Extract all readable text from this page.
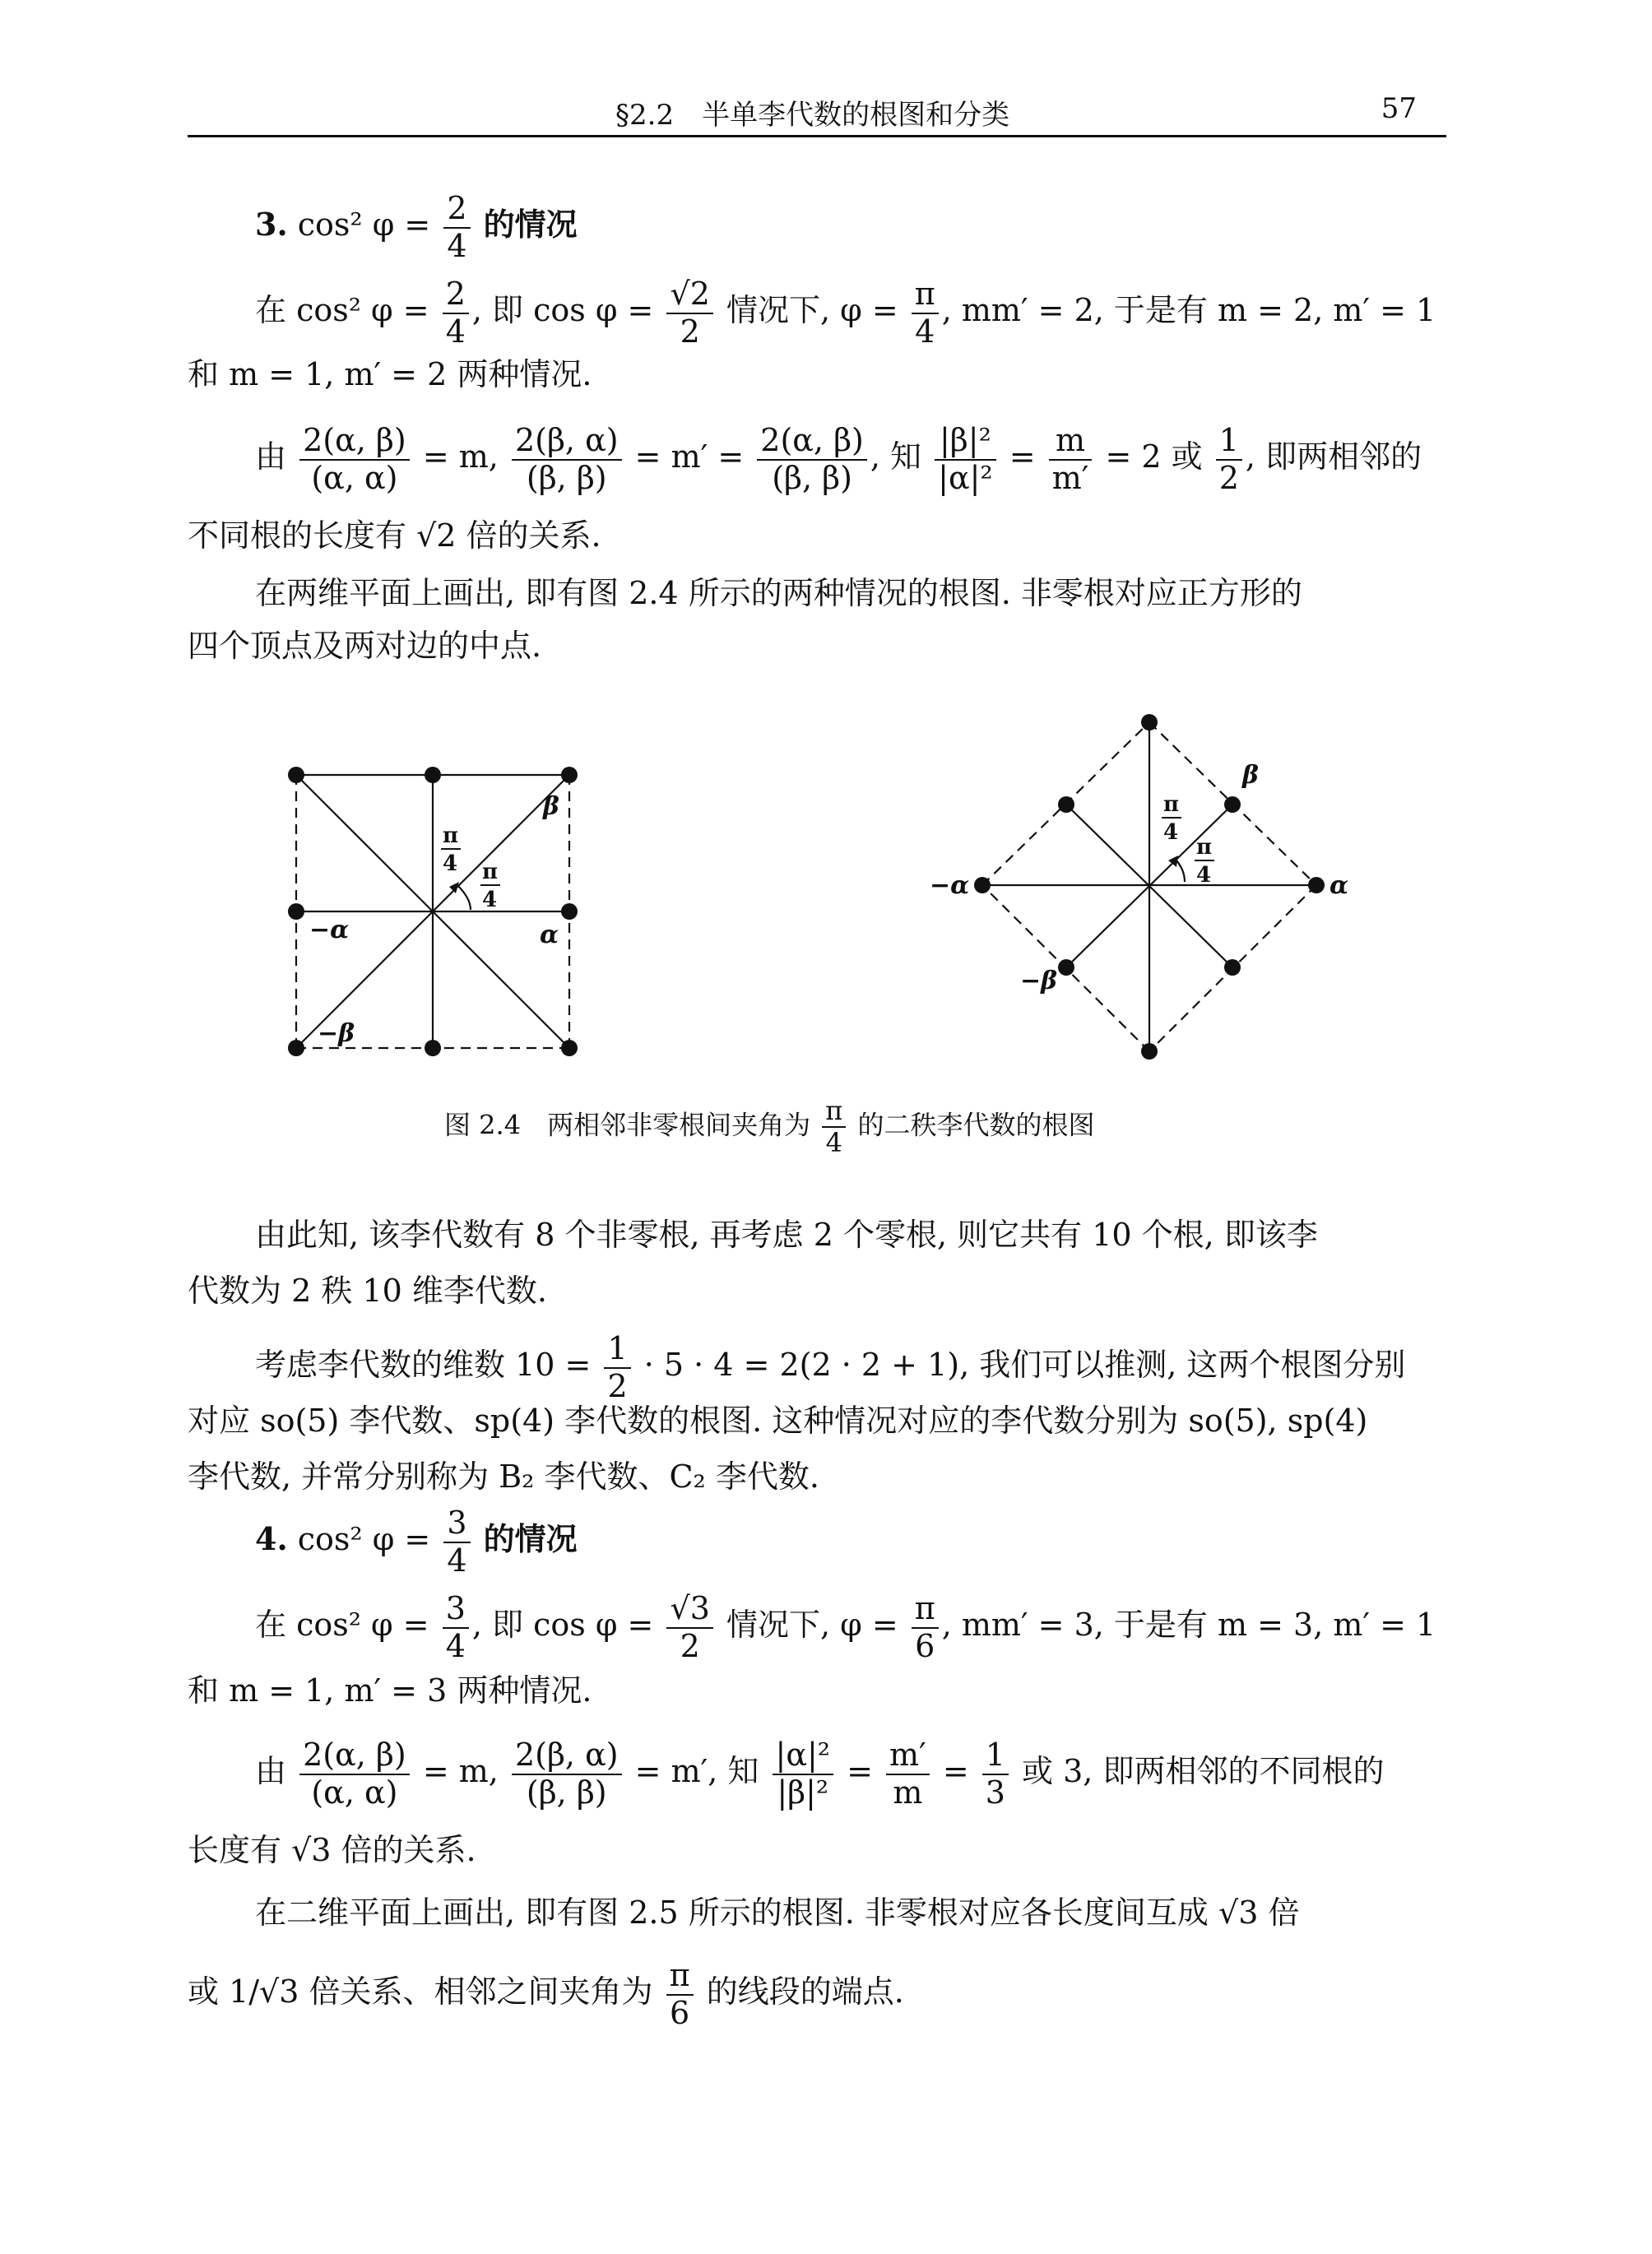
§2.2　半单李代数的根图和分类	57
3. cos² $\varphi = \frac{2}{4}$ 的情况
在 cos² $\varphi = \frac{2}{4}$ , 即 $\cos \varphi = \frac{√2}{2}$ 情况下, $\varphi = \frac{\pi}{4}$ , mm′ = 2, 于是有 m = 2, m′ = 1
和 m = 1, m′ = 2 两种情况.
由 $\frac{2(\alpha, \beta)}{(\alpha, \alpha)} = m$, $\frac{2(\beta, \alpha)}{(\beta, \beta)} = m' = \frac{2(\alpha, \beta)}{(\beta, \beta)}$ , 知 $\frac{\text{|β|²}}{\text{|α|²}} = \frac{m}{m'} = 2$ 或 $\frac{1}{2}$ , 即两相邻的
不同根的长度有 √2 倍的关系.
在两维平面上画出, 即有图 2.4 所示的两种情况的根图. 非零根对应正方形的
四个顶点及两对边的中点.
β
α
−α
−β
π
4 π
4
β
α
−α
−β
π
4
π
4
图 2.4　两相邻非零根间夹角为 $\frac{\pi}{4}$ 的二秩李代数的根图
由此知, 该李代数有 8 个非零根, 再考虑 2 个零根, 则它共有 10 个根, 即该李
代数为 2 秩 10 维李代数.
考虑李代数的维数 $10 = \frac{1}{2} \cdot 5 \cdot 4 = 2(2 \cdot 2 + 1)$, 我们可以推测, 这两个根图分别
对应 so(5) 李代数、sp(4) 李代数的根图. 这种情况对应的李代数分别为 so(5), sp(4)
李代数, 并常分别称为 B₂ 李代数、C₂ 李代数.
4. cos² $\varphi = \frac{3}{4}$ 的情况
在 cos² $\varphi = \frac{3}{4}$ , 即 $\cos \varphi = \frac{√3}{2}$ 情况下, $\varphi = \frac{\pi}{6}$ , mm′ = 3, 于是有 m = 3, m′ = 1
和 m = 1, m′ = 3 两种情况.
由 $\frac{2(\alpha, \beta)}{(\alpha, \alpha)} = m$, $\frac{2(\beta, \alpha)}{(\beta, \beta)} = m'$, 知 $\frac{\text{|α|²}}{\text{|β|²}} = \frac{m'}{m} = \frac{1}{3}$ 或 3, 即两相邻的不同根的
长度有 √3 倍的关系.
在二维平面上画出, 即有图 2.5 所示的根图. 非零根对应各长度间互成 √3 倍
或 1/√3 倍关系、相邻之间夹角为 $\frac{\pi}{6}$ 的线段的端点.
